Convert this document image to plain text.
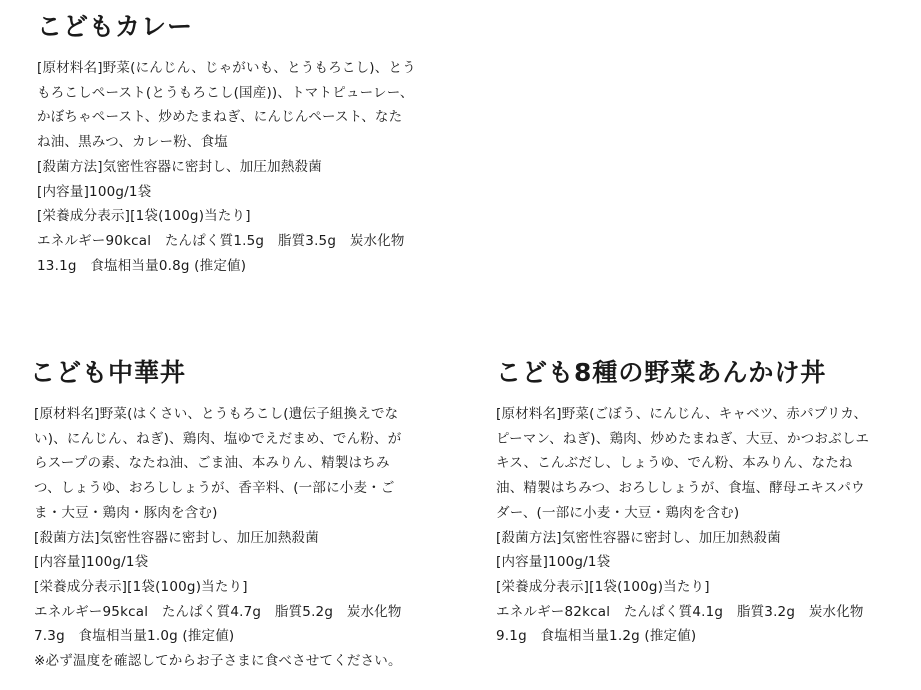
こどもカレー
[原材料名]野菜(にんじん、じゃがいも、とうもろこし)、とう
もろこしペースト(とうもろこし(国産))、トマトピューレー、
かぼちゃペースト、炒めたまねぎ、にんじんペースト、なた
ね油、黒みつ、カレー粉、食塩
[殺菌方法]気密性容器に密封し、加圧加熱殺菌
[内容量]100g/1袋
[栄養成分表示][1袋(100g)当たり]
エネルギー90kcal　たんぱく質1.5g　脂質3.5g　炭水化物
13.1g　食塩相当量0.8g (推定値)
こども中華丼
[原材料名]野菜(はくさい、とうもろこし(遺伝子組換えでな
い)、にんじん、ねぎ)、鶏肉、塩ゆでえだまめ、でん粉、が
らスープの素、なたね油、ごま油、本みりん、精製はちみ
つ、しょうゆ、おろししょうが、香辛料、(一部に小麦・ご
ま・大豆・鶏肉・豚肉を含む)
[殺菌方法]気密性容器に密封し、加圧加熱殺菌
[内容量]100g/1袋
[栄養成分表示][1袋(100g)当たり]
エネルギー95kcal　たんぱく質4.7g　脂質5.2g　炭水化物
7.3g　食塩相当量1.0g (推定値)
※必ず温度を確認してからお子さまに食べさせてください。
こども8種の野菜あんかけ丼
[原材料名]野菜(ごぼう、にんじん、キャベツ、赤パプリカ、
ピーマン、ねぎ)、鶏肉、炒めたまねぎ、大豆、かつおぶしエ
キス、こんぶだし、しょうゆ、でん粉、本みりん、なたね
油、精製はちみつ、おろししょうが、食塩、酵母エキスパウ
ダー、(一部に小麦・大豆・鶏肉を含む)
[殺菌方法]気密性容器に密封し、加圧加熱殺菌
[内容量]100g/1袋
[栄養成分表示][1袋(100g)当たり]
エネルギー82kcal　たんぱく質4.1g　脂質3.2g　炭水化物
9.1g　食塩相当量1.2g (推定値)
